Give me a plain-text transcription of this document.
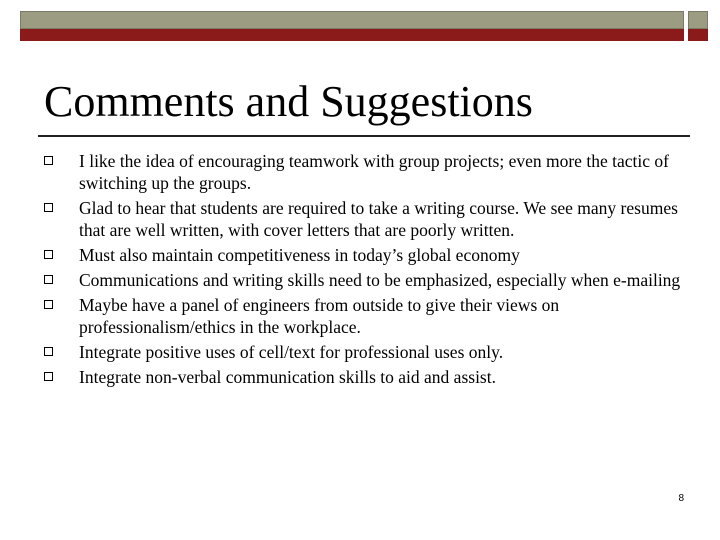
Comments and Suggestions
I like the idea of encouraging teamwork with group projects; even more the tactic of switching up the groups.
Glad to hear that students are required to take a writing course. We see many resumes that are well written, with cover letters that are poorly written.
Must also maintain competitiveness in today’s global economy
Communications and writing skills need to be emphasized, especially when e-mailing
Maybe have a panel of engineers from outside to give their views on professionalism/ethics in the workplace.
Integrate positive uses of cell/text for professional uses only.
Integrate non-verbal communication skills to aid and assist.
8
